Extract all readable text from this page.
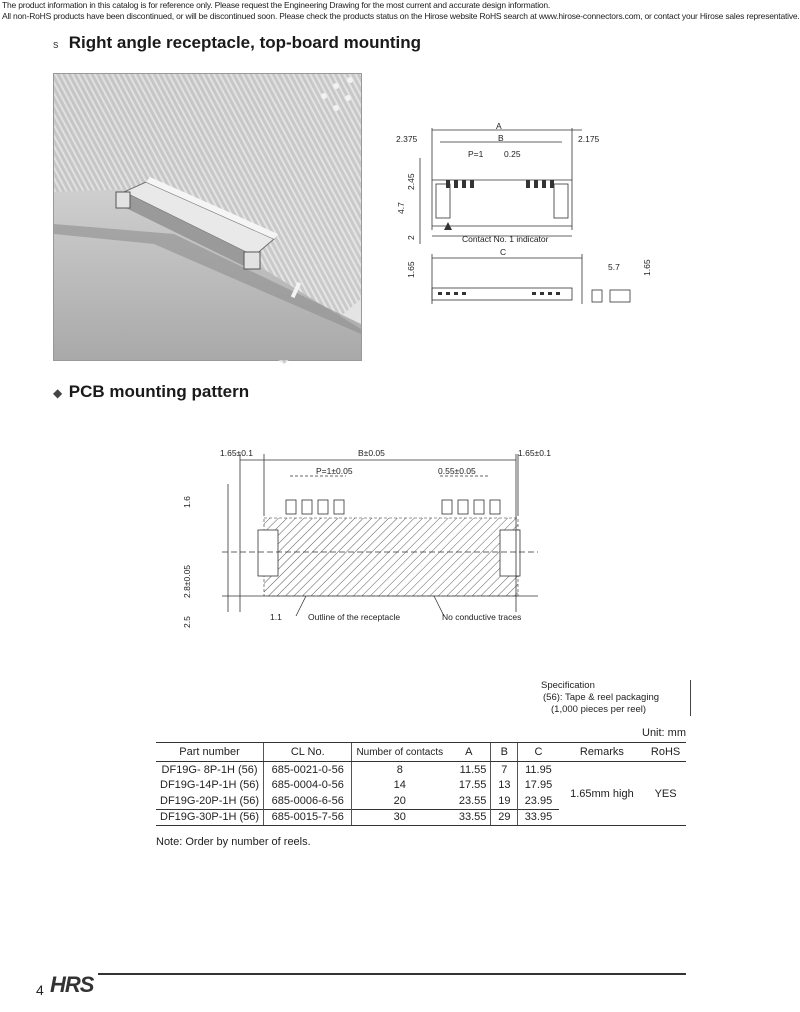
The product information in this catalog is for reference only. Please request the Engineering Drawing for the most current and accurate design information.
All non-RoHS products have been discontinued, or will be discontinued soon. Please check the products status on the Hirose website RoHS search at www.hirose-connectors.com, or contact your Hirose sales representative.
s Right angle receptacle, top-board mounting
A
B
P=1 0.25
2.375	2.175
2.45
4.7
2	Contact No. 1 indicator
C
1.65	5.7	1.65
◆ PCB mounting pattern
1.65±0.1	B±0.05	1.65±0.1
P=1±0.05	0.55±0.05
1.6
2.8±0.05
2.5	1.1	Outline of the receptacle	No conductive traces
Specification
(56): Tape & reel packaging
(1,000 pieces per reel)
Unit: mm
Part number	CL No.	Number of contacts	A	B	C	Remarks	RoHS
DF19G- 8P-1H (56)	685-0021-0-56	8	11.55	7	11.95	1.65mm high	YES
DF19G-14P-1H (56)	685-0004-0-56	14	17.55	13	17.95		
DF19G-20P-1H (56)	685-0006-6-56	20	23.55	19	23.95		
DF19G-30P-1H (56)	685-0015-7-56	30	33.55	29	33.95		
Note: Order by number of reels.
4 HRS
